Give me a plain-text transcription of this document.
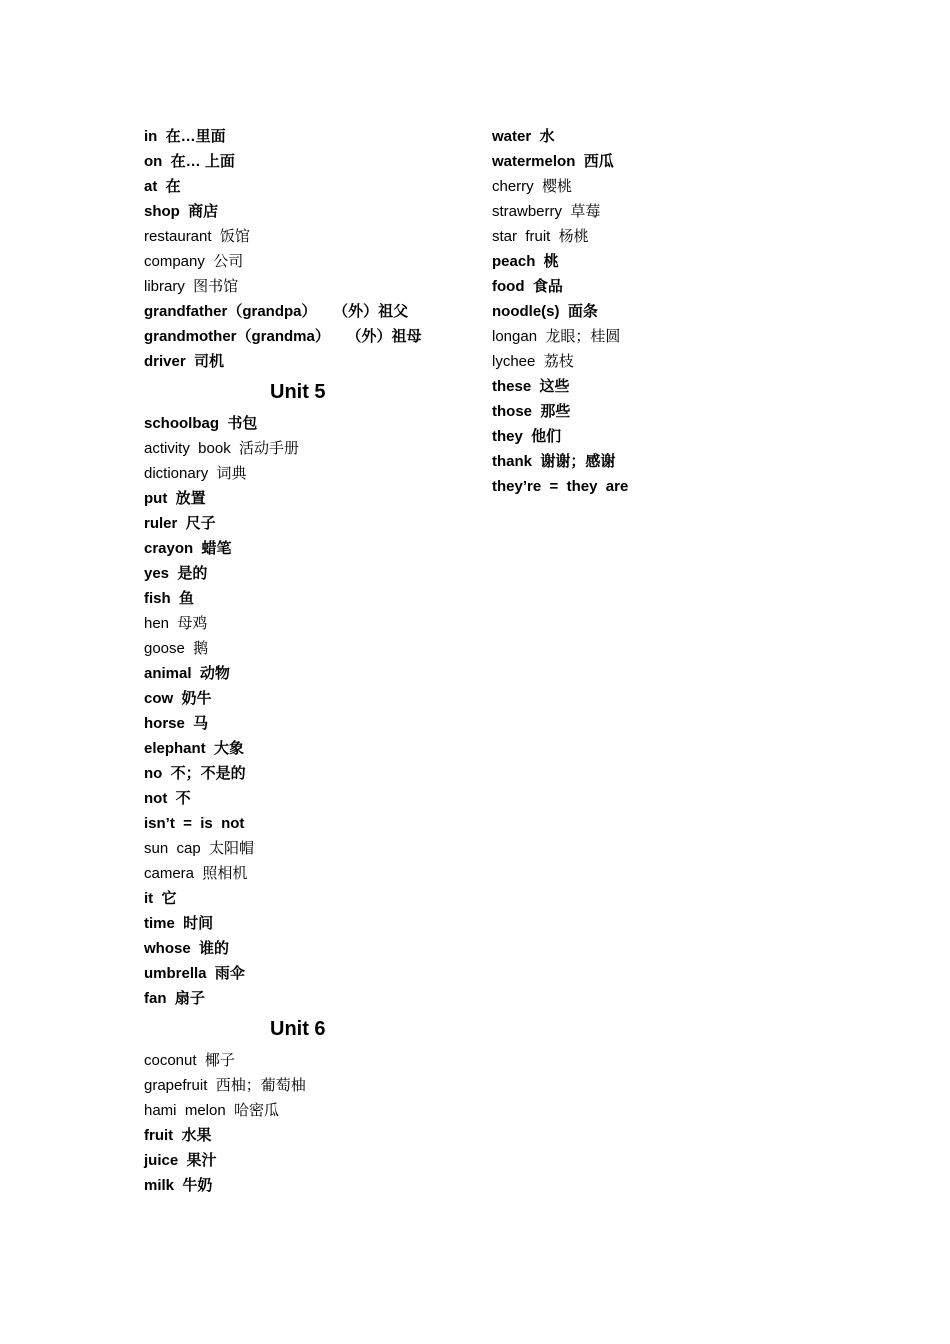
in  在…里面
on  在… 上面
at  在
shop  商店
restaurant  饭馆
company  公司
library  图书馆
grandfather（grandpa）    （外）祖父
grandmother（grandma）    （外）祖母
driver  司机
Unit 5
schoolbag  书包
activity  book  活动手册
dictionary  词典
put  放置
ruler  尺子
crayon  蜡笔
yes  是的
fish  鱼
hen  母鸡
goose  鹅
animal  动物
cow  奶牛
horse  马
elephant  大象
no  不；不是的
not  不
isn’t  =  is  not
sun  cap  太阳帽
camera  照相机
it  它
time  时间
whose  谁的
umbrella  雨伞
fan  扇子
Unit 6
coconut  椰子
grapefruit  西柚；葡萄柚
hami  melon  哈密瓜
fruit  水果
juice  果汁
milk  牛奶
water  水
watermelon  西瓜
cherry  樱桃
strawberry  草莓
star  fruit  杨桃
peach  桃
food  食品
noodle(s)  面条
longan  龙眼；桂圆
lychee  荔枝
these  这些
those  那些
they  他们
thank  谢谢；感谢
they’re  =  they  are
